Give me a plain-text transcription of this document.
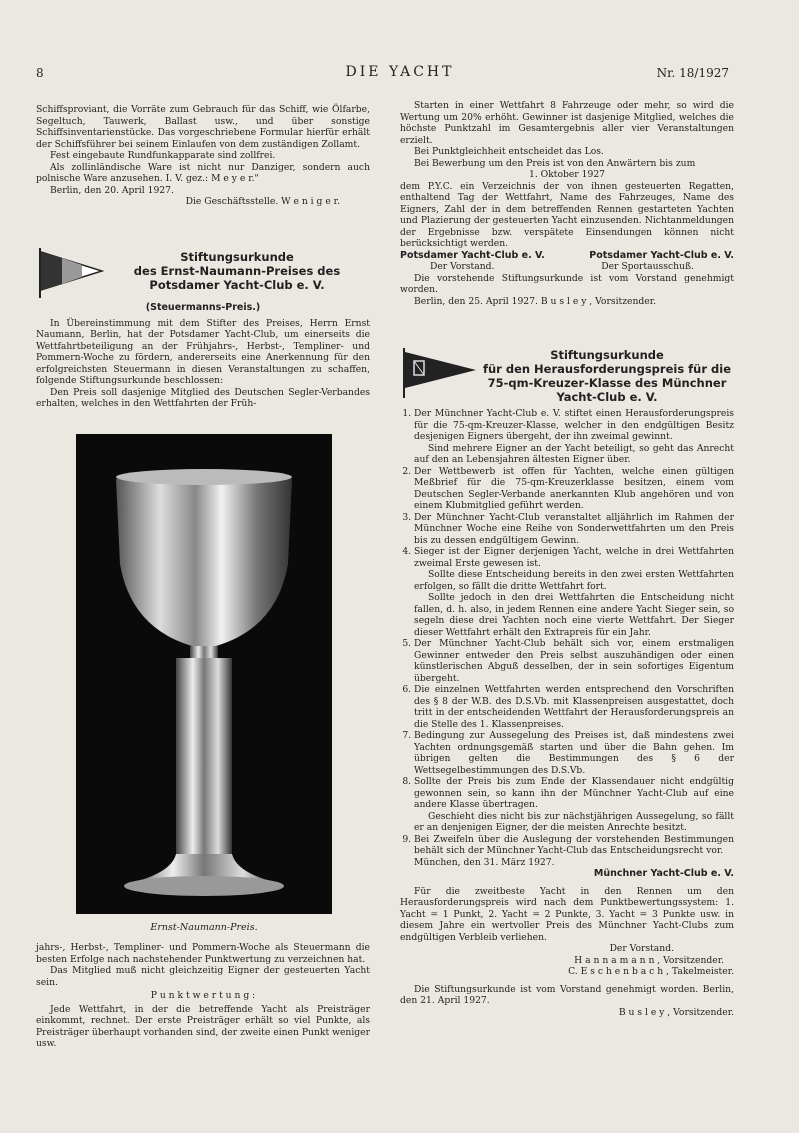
8	DIE YACHT	Nr. 18/1927

Schiffsproviant, die Vorräte zum Gebrauch für das Schiff, wie Ölfarbe, Segeltuch, Tauwerk, Ballast usw., und über sonstige Schiffsinventarienstücke. Das vorgeschriebene Formular hierfür erhält der Schiffsführer bei seinem Einlaufen von dem zuständigen Zollamt.

Fest eingebaute Rundfunkapparate sind zollfrei.

Als zollinländische Ware ist nicht nur Danziger, sondern auch polnische Ware anzusehen. I. V. gez.: M e y e r."

Berlin, den 20. April 1927.

Die Geschäftsstelle. W e n i g e r.
Stiftungsurkunde
des Ernst-Naumann-Preises des Potsdamer Yacht-Club e. V.
(Steuermanns-Preis.)

In Übereinstimmung mit dem Stifter des Preises, Herrn Ernst Naumann, Berlin, hat der Potsdamer Yacht-Club, um einerseits die Wettfahrtbeteiligung an der Frühjahrs-, Herbst-, Templiner- und Pommern-Woche zu fördern, andererseits eine Anerkennung für den erfolgreichsten Steuermann in diesen Veranstaltungen zu schaffen, folgende Stiftungsurkunde beschlossen:

Den Preis soll dasjenige Mitglied des Deutschen Segler-Verbandes erhalten, welches in den Wettfahrten der Früh-

Ernst-Naumann-Preis.

jahrs-, Herbst-, Templiner- und Pommern-Woche als Steuermann die besten Erfolge nach nachstehender Punktwertung zu verzeichnen hat.

Das Mitglied muß nicht gleichzeitig Eigner der gesteuerten Yacht sein.

P u n k t w e r t u n g :

Jede Wettfahrt, in der die betreffende Yacht als Preisträger einkommt, rechnet. Der erste Preisträger erhält so viel Punkte, als Preisträger überhaupt vorhanden sind, der zweite einen Punkt weniger usw.

Starten in einer Wettfahrt 8 Fahrzeuge oder mehr, so wird die Wertung um 20% erhöht. Gewinner ist dasjenige Mitglied, welches die höchste Punktzahl im Gesamtergebnis aller vier Veranstaltungen erzielt.

Bei Punktgleichheit entscheidet das Los.

Bei Bewerbung um den Preis ist von den Anwärtern bis zum

1. Oktober 1927

dem P.Y.C. ein Verzeichnis der von ihnen gesteuerten Regatten, enthaltend Tag der Wettfahrt, Name des Fahrzeuges, Name des Eigners, Zahl der in dem betreffenden Rennen gestarteten Yachten und Plazierung der gesteuerten Yacht einzusenden. Nichtanmeldungen der Ergebnisse bzw. verspätete Einsendungen können nicht berücksichtigt werden.

Potsdamer Yacht-Club e. V.	Potsdamer Yacht-Club e. V.
Der Vorstand.	Der Sportausschuß.

Die vorstehende Stiftungsurkunde ist vom Vorstand genehmigt worden.

Berlin, den 25. April 1927. B u s l e y , Vorsitzender.

Stiftungsurkunde
für den Herausforderungspreis für die 75-qm-Kreuzer-Klasse des Münchner Yacht-Club e. V.
1. Der Münchner Yacht-Club e. V. stiftet einen Herausforderungspreis für die 75-qm-Kreuzer-Klasse, welcher in den endgültigen Besitz desjenigen Eigners übergeht, der ihn zweimal gewinnt.
Sind mehrere Eigner an der Yacht beteiligt, so geht das Anrecht auf den an Lebensjahren ältesten Eigner über.
2. Der Wettbewerb ist offen für Yachten, welche einen gültigen Meßbrief für die 75-qm-Kreuzerklasse besitzen, einem vom Deutschen Segler-Verbande anerkannten Klub angehören und von einem Klubmitglied geführt werden.
3. Der Münchner Yacht-Club veranstaltet alljährlich im Rahmen der Münchner Woche eine Reihe von Sonderwettfahrten um den Preis bis zu dessen endgültigem Gewinn.
4. Sieger ist der Eigner derjenigen Yacht, welche in drei Wettfahrten zweimal Erste gewesen ist.
Sollte diese Entscheidung bereits in den zwei ersten Wettfahrten erfolgen, so fällt die dritte Wettfahrt fort.
Sollte jedoch in den drei Wettfahrten die Entscheidung nicht fallen, d. h. also, in jedem Rennen eine andere Yacht Sieger sein, so segeln diese drei Yachten noch eine vierte Wettfahrt. Der Sieger dieser Wettfahrt erhält den Extrapreis für ein Jahr.
5. Der Münchner Yacht-Club behält sich vor, einem erstmaligen Gewinner entweder den Preis selbst auszuhändigen oder einen künstlerischen Abguß desselben, der in sein sofortiges Eigentum übergeht.
6. Die einzelnen Wettfahrten werden entsprechend den Vorschriften des § 8 der W.B. des D.S.Vb. mit Klassenpreisen ausgestattet, doch tritt in der entscheidenden Wettfahrt der Herausforderungspreis an die Stelle des 1. Klassenpreises.
7. Bedingung zur Aussegelung des Preises ist, daß mindestens zwei Yachten ordnungsgemäß starten und über die Bahn gehen. Im übrigen gelten die Bestimmungen des § 6 der Wettsegelbestimmungen des D.S.Vb.
8. Sollte der Preis bis zum Ende der Klassendauer nicht endgültig gewonnen sein, so kann ihn der Münchner Yacht-Club auf eine andere Klasse übertragen.
Geschieht dies nicht bis zur nächstjährigen Aussegelung, so fällt er an denjenigen Eigner, der die meisten Anrechte besitzt.
9. Bei Zweifeln über die Auslegung der vorstehenden Bestimmungen behält sich der Münchner Yacht-Club das Entscheidungsrecht vor.

München, den 31. März 1927.

Münchner Yacht-Club e. V.

Für die zweitbeste Yacht in den Rennen um den Herausforderungspreis wird nach dem Punktbewertungssystem: 1. Yacht = 1 Punkt, 2. Yacht = 2 Punkte, 3. Yacht = 3 Punkte usw. in diesem Jahre ein wertvoller Preis des Münchner Yacht-Clubs zum endgültigen Verbleib verliehen.

Der Vorstand.
H a n n a m a n n , Vorsitzender.
C. E s c h e n b a c h , Takelmeister.

Die Stiftungsurkunde ist vom Vorstand genehmigt worden. Berlin, den 21. April 1927.

B u s l e y , Vorsitzender.
